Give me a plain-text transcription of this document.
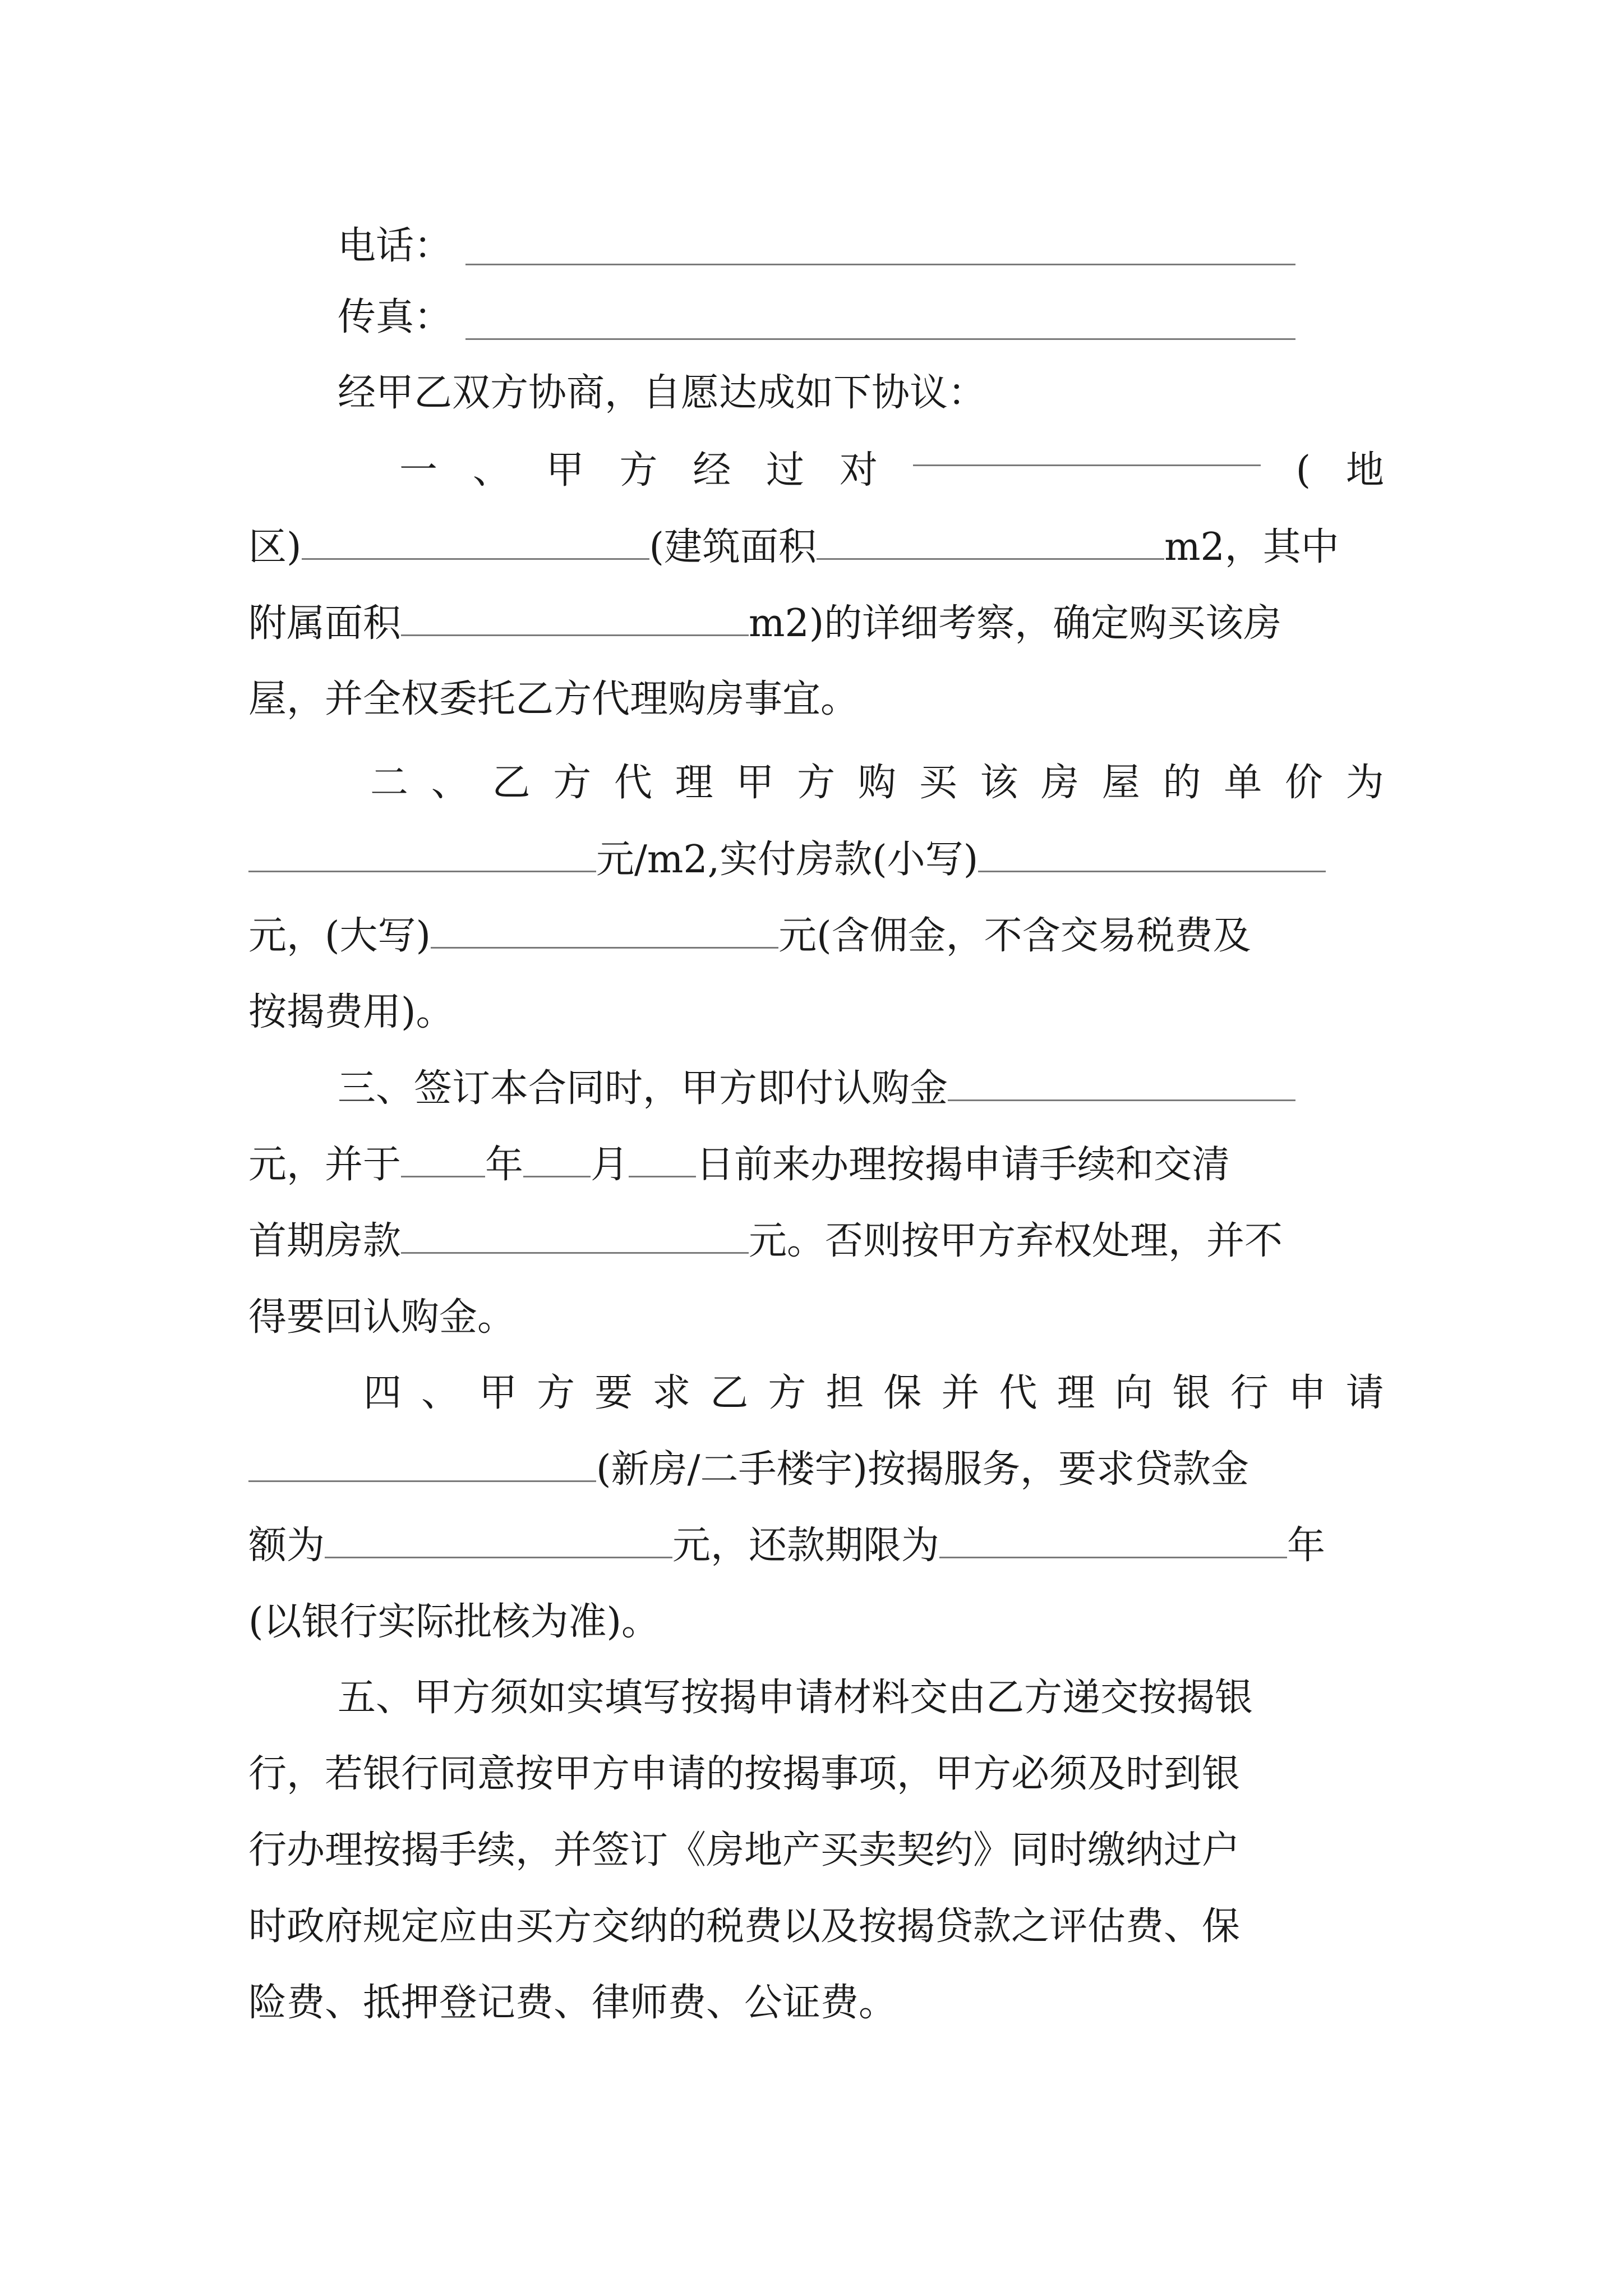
电话：
传真：
经甲乙双方协商，自愿达成如下协议：
一 、 甲 方 经 过 对	( 地
区)	(建筑面积	m2，其中
附属面积	m2)的详细考察，确定购买该房
屋，并全权委托乙方代理购房事宜。
二 、 乙 方 代 理 甲 方 购 买 该 房 屋 的 单 价 为
元/m2,实付房款(小写)
元，(大写)	元(含佣金，不含交易税费及
按揭费用)。
三、签订本合同时，甲方即付认购金
元，并于 年 月 日前来办理按揭申请手续和交清
首期房款	元。否则按甲方弃权处理，并不
得要回认购金。
四 、 甲 方 要 求 乙 方 担 保 并 代 理 向 银 行 申 请
(新房/二手楼宇)按揭服务，要求贷款金
额为	元，还款期限为	年
(以银行实际批核为准)。
五、甲方须如实填写按揭申请材料交由乙方递交按揭银
行，若银行同意按甲方申请的按揭事项，甲方必须及时到银
行办理按揭手续，并签订《房地产买卖契约》同时缴纳过户
时政府规定应由买方交纳的税费以及按揭贷款之评估费、保
险费、抵押登记费、律师费、公证费。
